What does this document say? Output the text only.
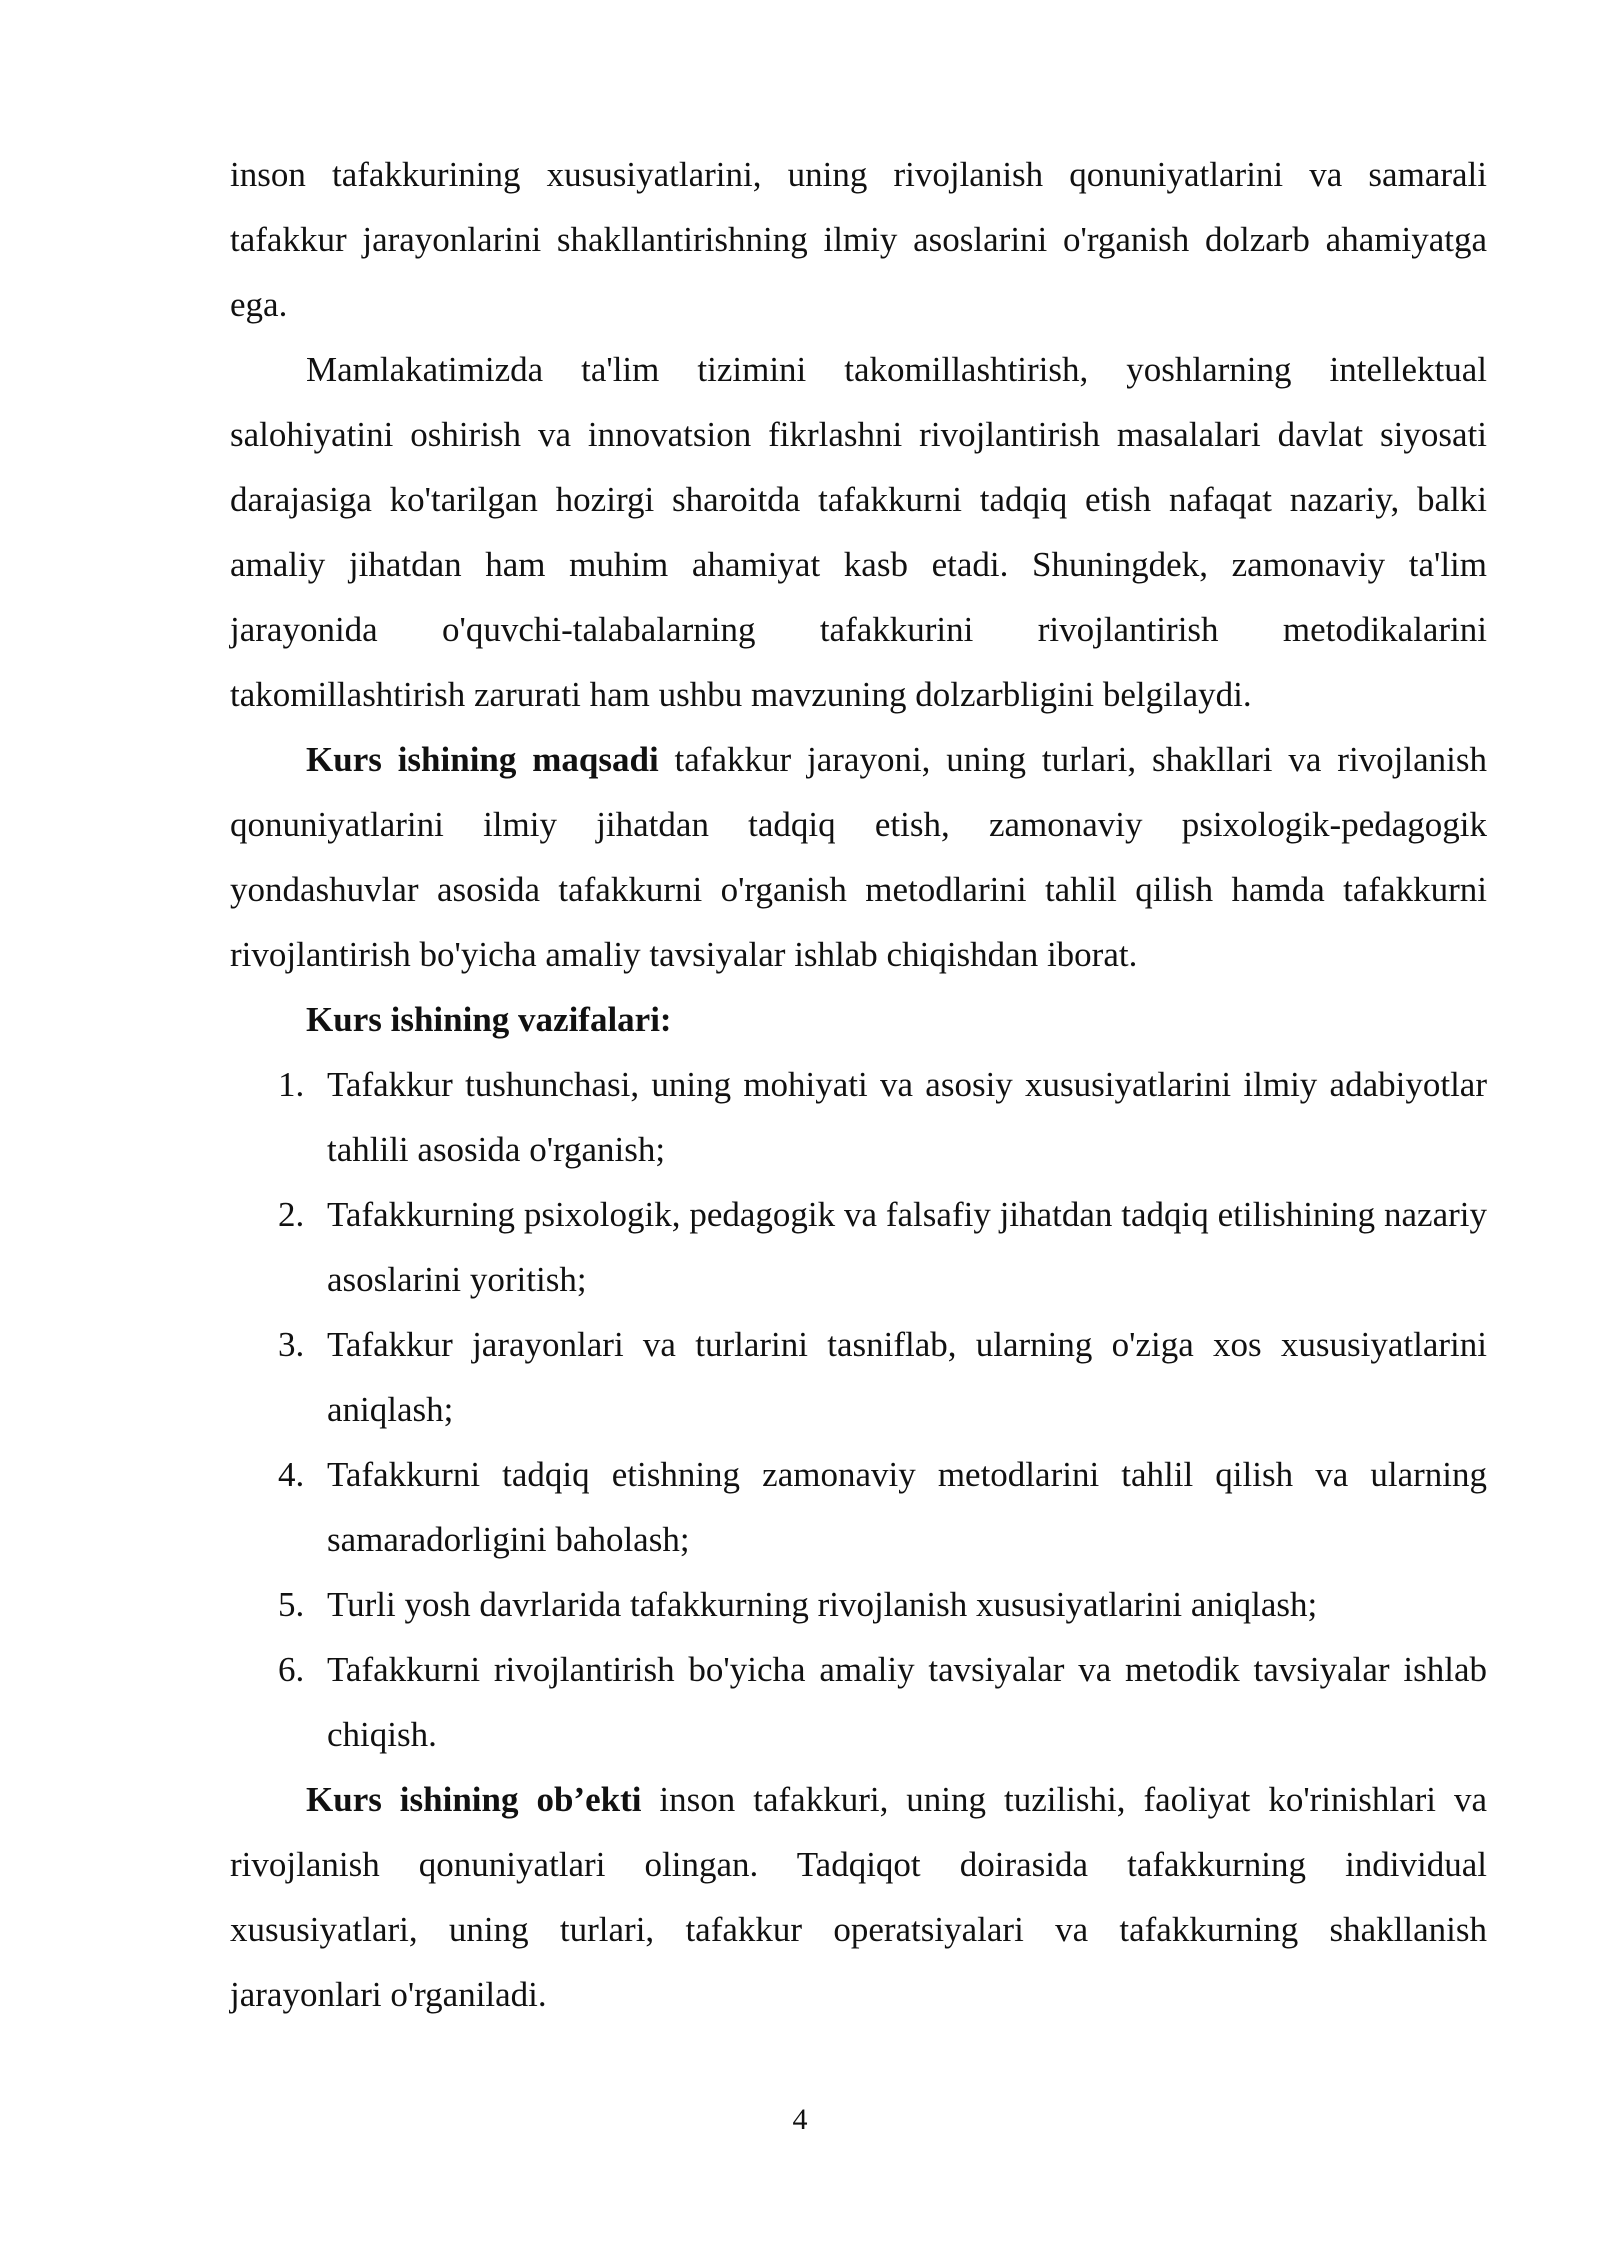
inson tafakkurining xususiyatlarini, uning rivojlanish qonuniyatlarini va samarali tafakkur jarayonlarini shakllantirishning ilmiy asoslarini o'rganish dolzarb ahamiyatga ega.

Mamlakatimizda ta'lim tizimini takomillashtirish, yoshlarning intellektual salohiyatini oshirish va innovatsion fikrlashni rivojlantirish masalalari davlat siyosati darajasiga ko'tarilgan hozirgi sharoitda tafakkurni tadqiq etish nafaqat nazariy, balki amaliy jihatdan ham muhim ahamiyat kasb etadi. Shuningdek, zamonaviy ta'lim jarayonida o'quvchi-talabalarning tafakkurini rivojlantirish metodikalarini takomillashtirish zarurati ham ushbu mavzuning dolzarbligini belgilaydi.

Kurs ishining maqsadi tafakkur jarayoni, uning turlari, shakllari va rivojlanish qonuniyatlarini ilmiy jihatdan tadqiq etish, zamonaviy psixologik-pedagogik yondashuvlar asosida tafakkurni o'rganish metodlarini tahlil qilish hamda tafakkurni rivojlantirish bo'yicha amaliy tavsiyalar ishlab chiqishdan iborat.

Kurs ishining vazifalari:

1. Tafakkur tushunchasi, uning mohiyati va asosiy xususiyatlarini ilmiy adabiyotlar tahlili asosida o'rganish;
2. Tafakkurning psixologik, pedagogik va falsafiy jihatdan tadqiq etilishining nazariy asoslarini yoritish;
3. Tafakkur jarayonlari va turlarini tasniflab, ularning o'ziga xos xususiyatlarini aniqlash;
4. Tafakkurni tadqiq etishning zamonaviy metodlarini tahlil qilish va ularning samaradorligini baholash;
5. Turli yosh davrlarida tafakkurning rivojlanish xususiyatlarini aniqlash;
6. Tafakkurni rivojlantirish bo'yicha amaliy tavsiyalar va metodik tavsiyalar ishlab chiqish.

Kurs ishining ob’ekti inson tafakkuri, uning tuzilishi, faoliyat ko'rinishlari va rivojlanish qonuniyatlari olingan. Tadqiqot doirasida tafakkurning individual xususiyatlari, uning turlari, tafakkur operatsiyalari va tafakkurning shakllanish jarayonlari o'rganiladi.

4
